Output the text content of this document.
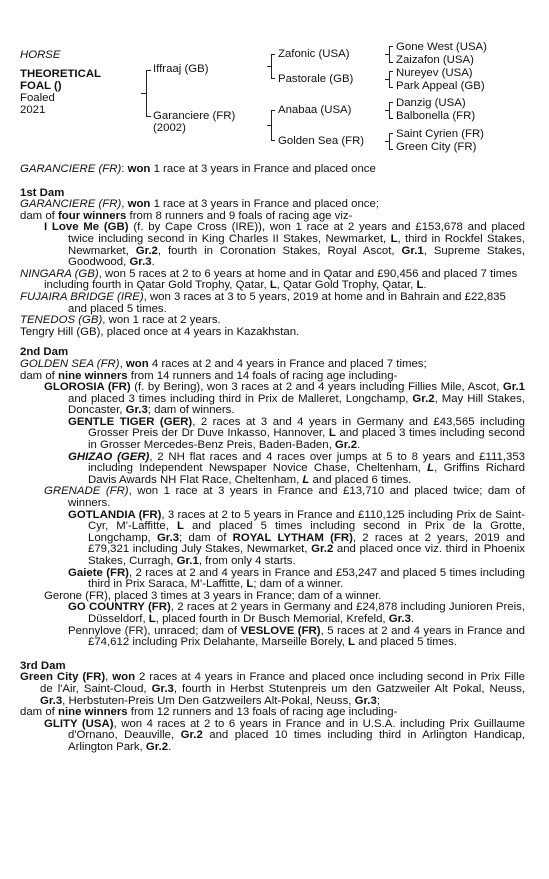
HORSE
THEORETICAL
FOAL ()
Foaled
2021
Iffraaj (GB)
Garanciere (FR)
(2002)
Zafonic (USA)
Pastorale (GB)
Anabaa (USA)
Golden Sea (FR)
Gone West (USA)
Zaizafon (USA)
Nureyev (USA)
Park Appeal (GB)
Danzig (USA)
Balbonella (FR)
Saint Cyrien (FR)
Green City (FR)

GARANCIERE (FR): won 1 race at 3 years in France and placed once

1st Dam

GARANCIERE (FR), won 1 race at 3 years in France and placed once;

dam of four winners from 8 runners and 9 foals of racing age viz-

I Love Me (GB) (f. by Cape Cross (IRE)), won 1 race at 2 years and £153,678 and placed twice including second in King Charles II Stakes, Newmarket, L, third in Rockfel Stakes, Newmarket, Gr.2, fourth in Coronation Stakes, Royal Ascot, Gr.1, Supreme Stakes, Goodwood, Gr.3.

NINGARA (GB), won 5 races at 2 to 6 years at home and in Qatar and £90,456 and placed 7 times including fourth in Qatar Gold Trophy, Qatar, L, Qatar Gold Trophy, Qatar, L.

FUJAIRA BRIDGE (IRE), won 3 races at 3 to 5 years, 2019 at home and in Bahrain and £22,835 and placed 5 times.

TENEDOS (GB), won 1 race at 2 years.

Tengry Hill (GB), placed once at 4 years in Kazakhstan.

2nd Dam

GOLDEN SEA (FR), won 4 races at 2 and 4 years in France and placed 7 times;

dam of nine winners from 14 runners and 14 foals of racing age including-

GLOROSIA (FR) (f. by Bering), won 3 races at 2 and 4 years including Fillies Mile, Ascot, Gr.1 and placed 3 times including third in Prix de Malleret, Longchamp, Gr.2, May Hill Stakes, Doncaster, Gr.3; dam of winners.

GENTLE TIGER (GER), 2 races at 3 and 4 years in Germany and £43,565 including Grosser Preis der Dr Duve Inkasso, Hannover, L and placed 3 times including second in Grosser Mercedes-Benz Preis, Baden-Baden, Gr.2.

GHIZAO (GER), 2 NH flat races and 4 races over jumps at 5 to 8 years and £111,353 including Independent Newspaper Novice Chase, Cheltenham, L, Griffins Richard Davis Awards NH Flat Race, Cheltenham, L and placed 6 times.

GRENADE (FR), won 1 race at 3 years in France and £13,710 and placed twice; dam of winners.

GOTLANDIA (FR), 3 races at 2 to 5 years in France and £110,125 including Prix de Saint-Cyr, M'-Laffitte, L and placed 5 times including second in Prix de la Grotte, Longchamp, Gr.3; dam of ROYAL LYTHAM (FR), 2 races at 2 years, 2019 and £79,321 including July Stakes, Newmarket, Gr.2 and placed once viz. third in Phoenix Stakes, Curragh, Gr.1, from only 4 starts.

Gaiete (FR), 2 races at 2 and 4 years in France and £53,247 and placed 5 times including third in Prix Saraca, M'-Laffitte, L; dam of a winner.

Gerone (FR), placed 3 times at 3 years in France; dam of a winner.

GO COUNTRY (FR), 2 races at 2 years in Germany and £24,878 including Junioren Preis, Düsseldorf, L, placed fourth in Dr Busch Memorial, Krefeld, Gr.3.

Pennylove (FR), unraced; dam of VESLOVE (FR), 5 races at 2 and 4 years in France and £74,612 including Prix Delahante, Marseille Borely, L and placed 5 times.

3rd Dam

Green City (FR), won 2 races at 4 years in France and placed once including second in Prix Fille de l'Air, Saint-Cloud, Gr.3, fourth in Herbst Stutenpreis um den Gatzweiler Alt Pokal, Neuss, Gr.3, Herbstuten-Preis Um Den Gatzweilers Alt-Pokal, Neuss, Gr.3;

dam of nine winners from 12 runners and 13 foals of racing age including-

GLITY (USA), won 4 races at 2 to 6 years in France and in U.S.A. including Prix Guillaume d'Ornano, Deauville, Gr.2 and placed 10 times including third in Arlington Handicap, Arlington Park, Gr.2.
